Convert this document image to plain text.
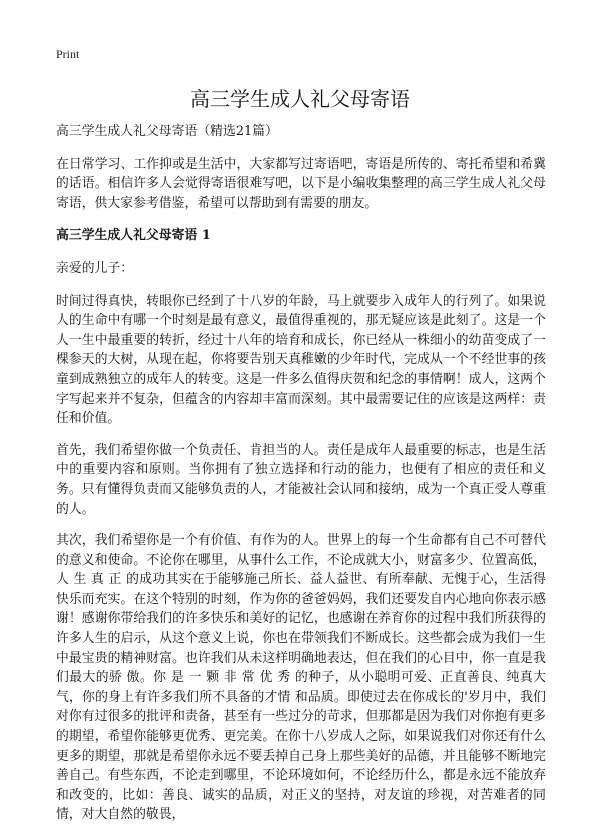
Print
高三学生成人礼父母寄语

高三学生成人礼父母寄语（精选21篇）

在日常学习、工作抑或是生活中，大家都写过寄语吧，寄语是所传的、寄托希望和希冀的话语。相信许多人会觉得寄语很难写吧，以下是小编收集整理的高三学生成人礼父母寄语，供大家参考借鉴，希望可以帮助到有需要的朋友。

高三学生成人礼父母寄语 1

亲爱的儿子：

时间过得真快，转眼你已经到了十八岁的年龄，马上就要步入成年人的行列了。如果说人的生命中有哪一个时刻是最有意义，最值得重视的，那无疑应该是此刻了。这是一个人一生中最重要的转折，经过十八年的培育和成长，你已经从一株细小的幼苗变成了一棵参天的大树，从现在起，你将要告别天真稚嫩的少年时代，完成从一个不经世事的孩童到成熟独立的成年人的转变。这是一件多么值得庆贺和纪念的事情啊！成人，这两个字写起来并不复杂，但蕴含的内容却丰富而深刻。其中最需要记住的应该是这两样：责任和价值。

首先，我们希望你做一个负责任、肯担当的人。责任是成年人最重要的标志，也是生活中的重要内容和原则。当你拥有了独立选择和行动的能力，也便有了相应的责任和义务。只有懂得负责而又能够负责的人，才能被社会认同和接纳，成为一个真正受人尊重的人。

其次，我们希望你是一个有价值、有作为的人。世界上的每一个生命都有自己不可替代的意义和使命。不论你在哪里，从事什么工作，不论成就大小，财富多少、位置高低，人 生 真 正 的成功其实在于能够施己所长、益人益世、有所奉献、无愧于心，生活得快乐而充实。在这个特别的时刻，作为你的爸爸妈妈，我们还要发自内心地向你表示感谢！感谢你带给我们的许多快乐和美好的记忆，也感谢在养育你的过程中我们所获得的许多人生的启示，从这个意义上说，你也在带领我们不断成长。这些都会成为我们一生中最宝贵的精神财富。也许我们从未这样明确地表达，但在我们的心目中，你一直是我们最大的骄 傲。你 是 一 颗 非 常 优 秀 的种子，从小聪明可爱、正直善良、纯真大气，你的身上有许多我们所不具备的才情 和品质。即使过去在你成长的'岁月中，我们对你有过很多的批评和责备，甚至有一些过分的苛求，但那都是因为我们对你抱有更多的期望，希望你能够更优秀、更完美。在你十八岁成人之际，如果说我们对你还有什么更多的期望，那就是希望你永远不要丢掉自己身上那些美好的品德，并且能够不断地完善自己。有些东西，不论走到哪里，不论环境如何，不论经历什么，都是永远不能放弃和改变的，比如：善良、诚实的品质，对正义的坚持，对友谊的珍视，对苦难者的同情，对大自然的敬畏，
